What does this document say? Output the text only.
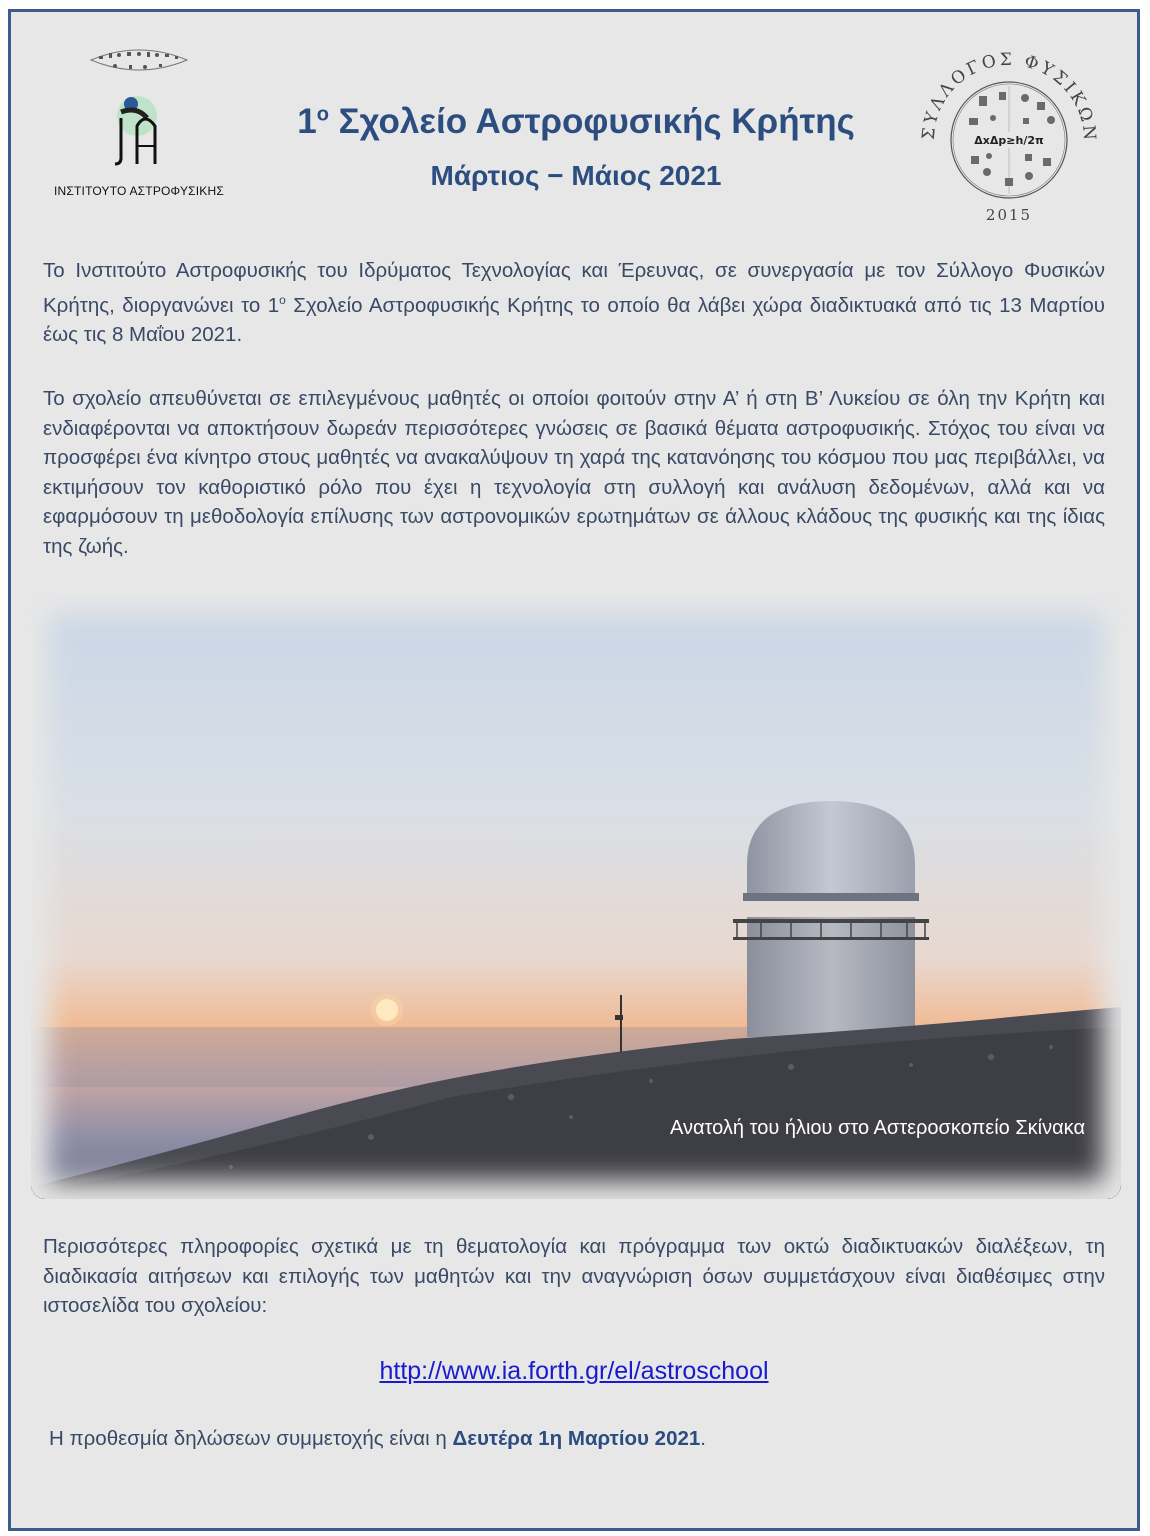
ΙΝΣΤΙΤΟΥΤΟ ΑΣΤΡΟΦΥΣΙΚΗΣ
$1^o$ Σχολείο Αστροφυσικής Κρήτης
Μάρτιος − Μάιος 2021
ΣΥΛΛΟΓΟΣ ΦΥΣΙΚΩΝ
ΔxΔp≥h/2π
2015

Το Ινστιτούτο Αστροφυσικής του Ιδρύματος Τεχνολογίας και Έρευνας, σε συνεργασία με τον Σύλλογο Φυσικών Κρήτης, διοργανώνει το $1^o$ Σχολείο Αστροφυσικής Κρήτης το οποίο θα λάβει χώρα διαδικτυακά από τις 13 Μαρτίου έως τις 8 Μαΐου 2021.

Το σχολείο απευθύνεται σε επιλεγμένους μαθητές οι οποίοι φοιτούν στην Α’ ή στη Β’ Λυκείου σε όλη την Κρήτη και ενδιαφέρονται να αποκτήσουν δωρεάν περισσότερες γνώσεις σε βασικά θέματα αστροφυσικής. Στόχος του είναι να προσφέρει ένα κίνητρο στους μαθητές να ανακαλύψουν τη χαρά της κατανόησης του κόσμου που μας περιβάλλει, να εκτιμήσουν τον καθοριστικό ρόλο που έχει η τεχνολογία στη συλλογή και ανάλυση δεδομένων, αλλά και να εφαρμόσουν τη μεθοδολογία επίλυσης των αστρονομικών ερωτημάτων σε άλλους κλάδους της φυσικής και της ίδιας της ζωής.

Ανατολή του ήλιου στο Αστεροσκοπείο Σκίνακα

Περισσότερες πληροφορίες σχετικά με τη θεματολογία και πρόγραμμα των οκτώ διαδικτυακών διαλέξεων, τη διαδικασία αιτήσεων και επιλογής των μαθητών και την αναγνώριση όσων συμμετάσχουν είναι διαθέσιμες στην ιστοσελίδα του σχολείου:

http://www.ia.forth.gr/el/astroschool
Η προθεσμία δηλώσεων συμμετοχής είναι η Δευτέρα 1η Μαρτίου 2021.
